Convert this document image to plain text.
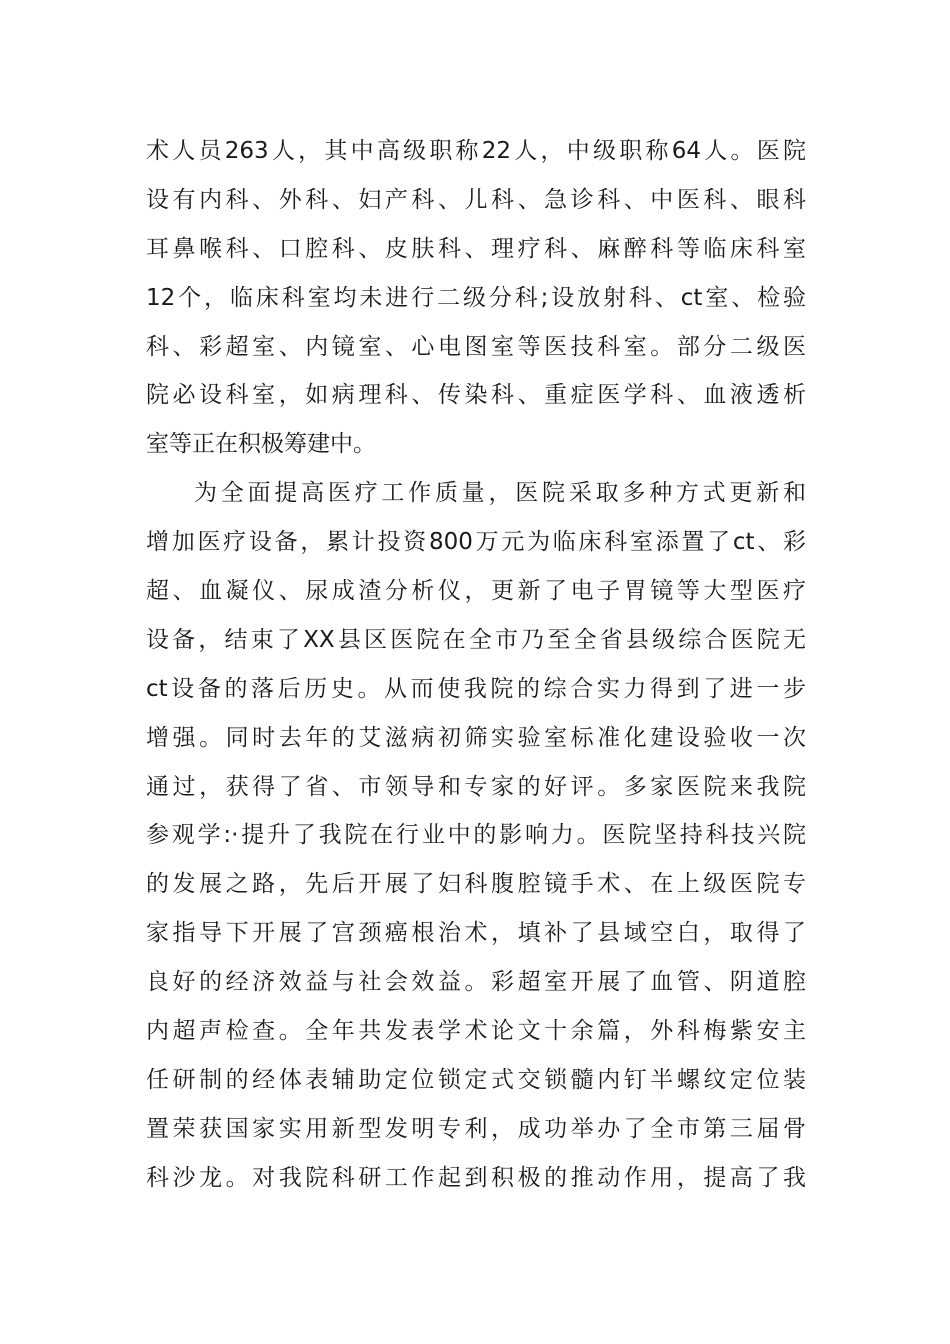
术人员263人，其中高级职称22人，中级职称64人。医院
设有内科、外科、妇产科、儿科、急诊科、中医科、眼科
耳鼻喉科、口腔科、皮肤科、理疗科、麻醉科等临床科室
12个，临床科室均未进行二级分科;设放射科、ct室、检验
科、彩超室、内镜室、心电图室等医技科室。部分二级医
院必设科室，如病理科、传染科、重症医学科、血液透析
室等正在积极筹建中。
为全面提高医疗工作质量，医院采取多种方式更新和
增加医疗设备，累计投资800万元为临床科室添置了ct、彩
超、血凝仪、尿成渣分析仪，更新了电子胃镜等大型医疗
设备，结束了XX县区医院在全市乃至全省县级综合医院无
ct设备的落后历史。从而使我院的综合实力得到了进一步
增强。同时去年的艾滋病初筛实验室标准化建设验收一次
通过，获得了省、市领导和专家的好评。多家医院来我院
参观学:·提升了我院在行业中的影响力。医院坚持科技兴院
的发展之路，先后开展了妇科腹腔镜手术、在上级医院专
家指导下开展了宫颈癌根治术，填补了县域空白，取得了
良好的经济效益与社会效益。彩超室开展了血管、阴道腔
内超声检查。全年共发表学术论文十余篇，外科梅紫安主
任研制的经体表辅助定位锁定式交锁髓内钉半螺纹定位装
置荣获国家实用新型发明专利，成功举办了全市第三届骨
科沙龙。对我院科研工作起到积极的推动作用，提高了我
